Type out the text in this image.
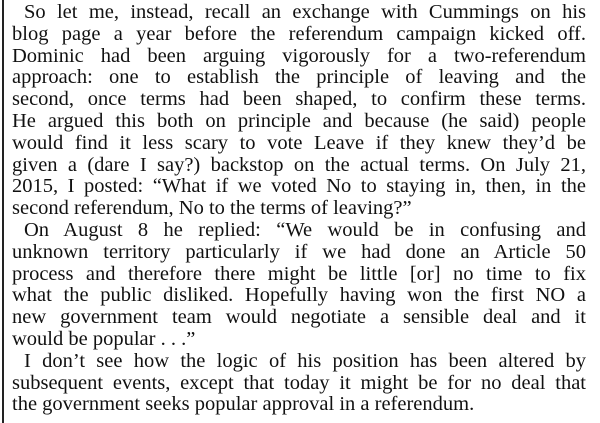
So let me, instead, recall an exchange with Cummings on his
blog page a year before the referendum campaign kicked off.
Dominic had been arguing vigorously for a two-referendum
approach: one to establish the principle of leaving and the
second, once terms had been shaped, to confirm these terms.
He argued this both on principle and because (he said) people
would find it less scary to vote Leave if they knew they’d be
given a (dare I say?) backstop on the actual terms. On July 21,
2015, I posted: “What if we voted No to staying in, then, in the
second referendum, No to the terms of leaving?”
On August 8 he replied: “We would be in confusing and
unknown territory particularly if we had done an Article 50
process and therefore there might be little [or] no time to fix
what the public disliked. Hopefully having won the first NO a
new government team would negotiate a sensible deal and it
would be popular . . .”
I don’t see how the logic of his position has been altered by
subsequent events, except that today it might be for no deal that
the government seeks popular approval in a referendum.
